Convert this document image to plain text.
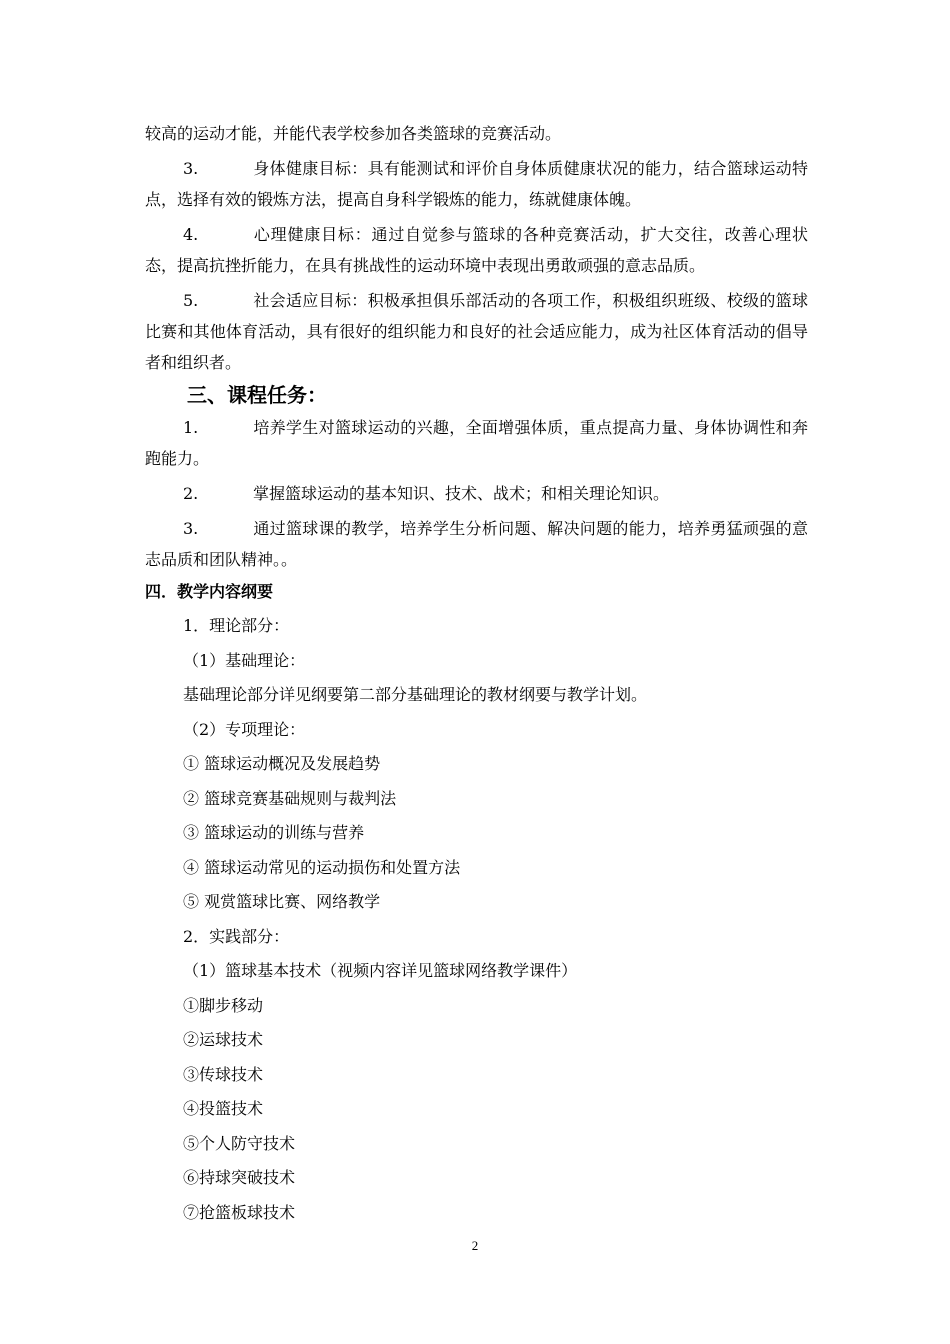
较高的运动才能，并能代表学校参加各类篮球的竞赛活动。

3.	身体健康目标：具有能测试和评价自身体质健康状况的能力，结合篮球运动特点，选择有效的锻炼方法，提高自身科学锻炼的能力，练就健康体魄。

4.	心理健康目标：通过自觉参与篮球的各种竞赛活动，扩大交往，改善心理状态，提高抗挫折能力，在具有挑战性的运动环境中表现出勇敢顽强的意志品质。

5.	社会适应目标：积极承担俱乐部活动的各项工作，积极组织班级、校级的篮球比赛和其他体育活动，具有很好的组织能力和良好的社会适应能力，成为社区体育活动的倡导者和组织者。

三、课程任务：

1.	培养学生对篮球运动的兴趣，全面增强体质，重点提高力量、身体协调性和奔跑能力。

2.	掌握篮球运动的基本知识、技术、战术；和相关理论知识。

3.	通过篮球课的教学，培养学生分析问题、解决问题的能力，培养勇猛顽强的意志品质和团队精神。。

四．教学内容纲要

1．理论部分：

（1）基础理论：

基础理论部分详见纲要第二部分基础理论的教材纲要与教学计划。

（2）专项理论：

① 篮球运动概况及发展趋势

② 篮球竞赛基础规则与裁判法

③ 篮球运动的训练与营养

④ 篮球运动常见的运动损伤和处置方法

⑤ 观赏篮球比赛、网络教学

2．实践部分：

（1）篮球基本技术（视频内容详见篮球网络教学课件）

①脚步移动

②运球技术

③传球技术

④投篮技术

⑤个人防守技术

⑥持球突破技术

⑦抢篮板球技术

2
